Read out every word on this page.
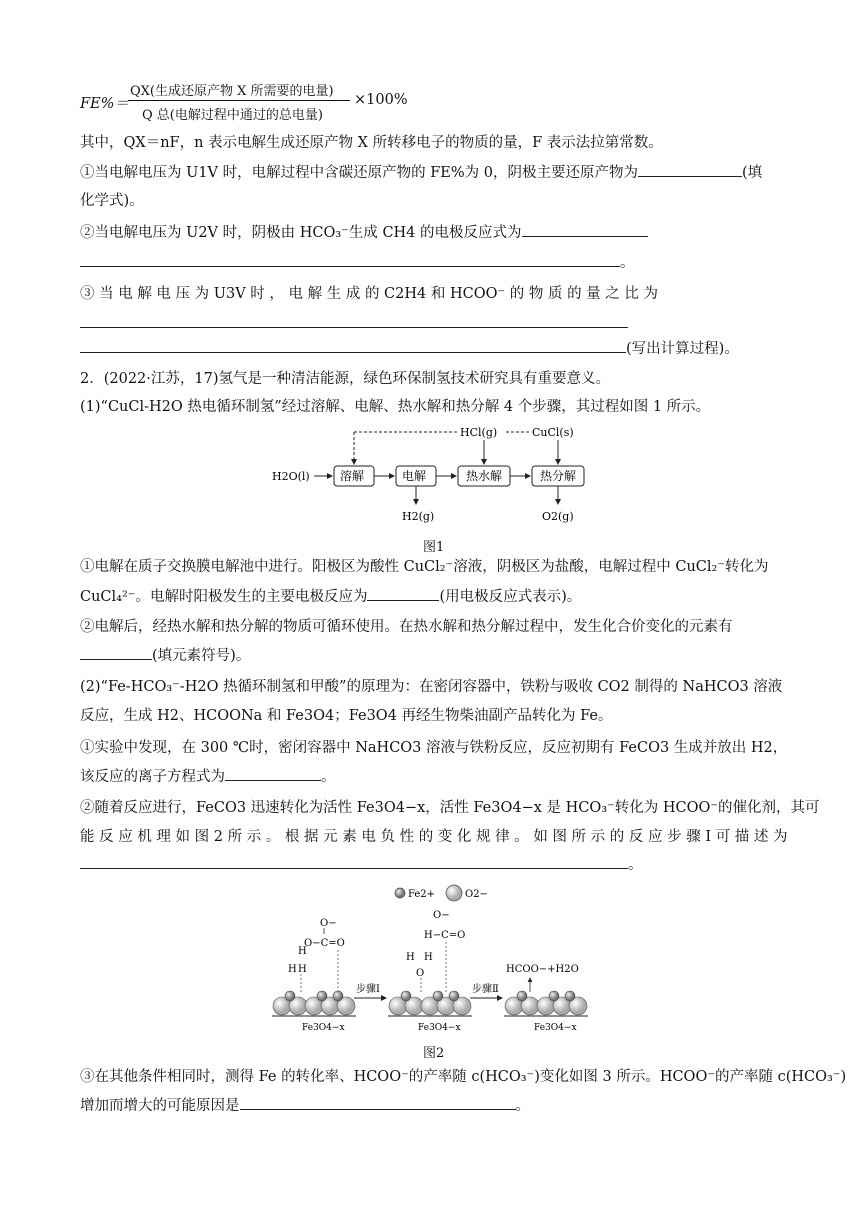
FE%＝
QX(生成还原产物 X 所需要的电量)
Q 总(电解过程中通过的总电量)
×100%
其中，QX＝nF，n 表示电解生成还原产物 X 所转移电子的物质的量，F 表示法拉第常数。
①当电解电压为 U1V 时，电解过程中含碳还原产物的 FE%为 0，阴极主要还原产物为	(填
化学式)。
②当电解电压为 U2V 时，阴极由 HCO₃⁻生成 CH4 的电极反应式为
。
③ 当 电 解 电 压 为 U3V 时 ， 电 解 生 成 的 C2H4 和 HCOO⁻ 的 物 质 的 量 之 比 为
(写出计算过程)。
2．(2022·江苏，17)氢气是一种清洁能源，绿色环保制氢技术研究具有重要意义。
(1)“CuCl-H2O 热电循环制氢”经过溶解、电解、热水解和热分解 4 个步骤，其过程如图 1 所示。
H2O(l)	溶解	电解	热水解	热分解
HCl(g)	CuCl(s)
H2(g)	O2(g)
图1
①电解在质子交换膜电解池中进行。阳极区为酸性 CuCl₂⁻溶液，阴极区为盐酸，电解过程中 CuCl₂⁻转化为
CuCl₄²⁻。电解时阳极发生的主要电极反应为	(用电极反应式表示)。
②电解后，经热水解和热分解的物质可循环使用。在热水解和热分解过程中，发生化合价变化的元素有
(填元素符号)。
(2)“Fe-HCO₃⁻-H2O 热循环制氢和甲酸”的原理为：在密闭容器中，铁粉与吸收 CO2 制得的 NaHCO3 溶液
反应，生成 H2、HCOONa 和 Fe3O4；Fe3O4 再经生物柴油副产品转化为 Fe。
①实验中发现，在 300 ℃时，密闭容器中 NaHCO3 溶液与铁粉反应，反应初期有 FeCO3 生成并放出 H2，
该反应的离子方程式为	。
②随着反应进行，FeCO3 迅速转化为活性 Fe3O4−x，活性 Fe3O4−x 是 HCO₃⁻转化为 HCOO⁻的催化剂，其可
能 反 应 机 理 如 图 2 所 示 。 根 据 元 素 电 负 性 的 变 化 规 律 。 如 图 所 示 的 反 应 步 骤 Ⅰ 可 描 述 为
。
Fe2+	O2−
O−
O−C=O
H
H H
O−
H−C=O
H H
O	HCOO−+H2O
步骤Ⅰ	步骤Ⅱ
Fe3O4−x	Fe3O4−x	Fe3O4−x
图2
③在其他条件相同时，测得 Fe 的转化率、HCOO⁻的产率随 c(HCO₃⁻)变化如图 3 所示。HCOO⁻的产率随 c(HCO₃⁻)
增加而增大的可能原因是	。
